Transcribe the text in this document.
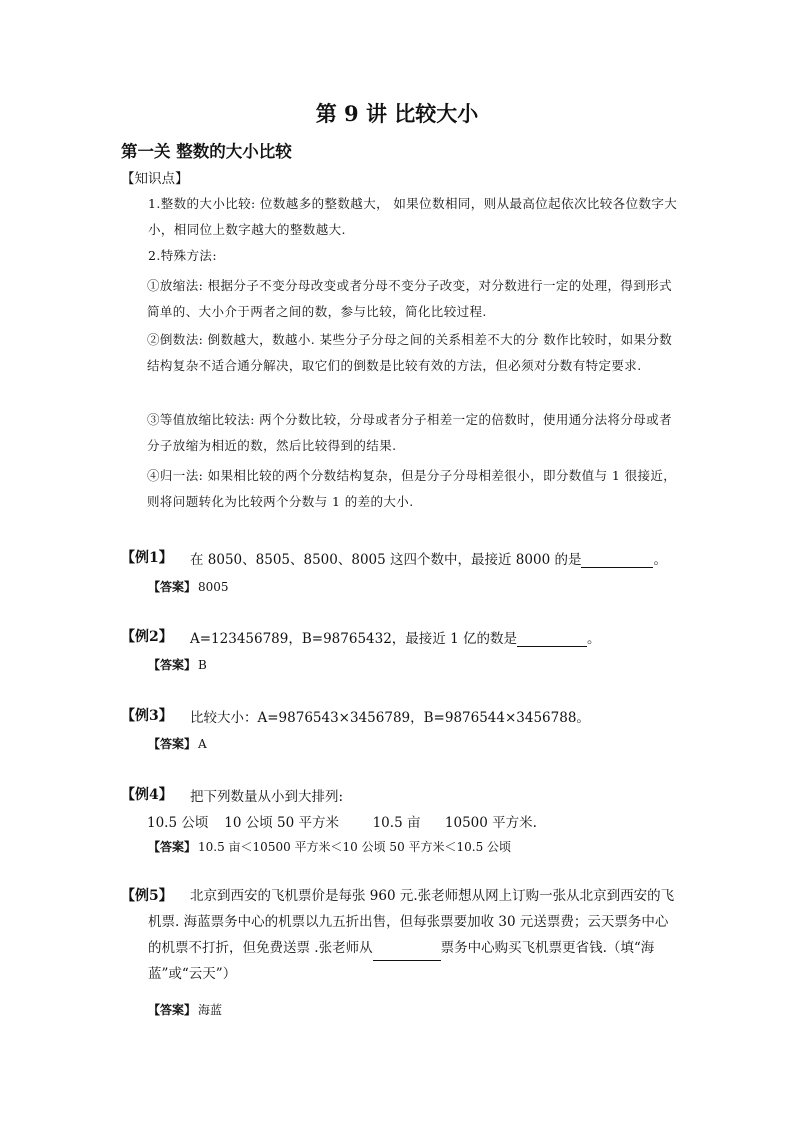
第 9 讲 比较大小
第一关 整数的大小比较
【知识点】
1.整数的大小比较: 位数越多的整数越大， 如果位数相同，则从最高位起依次比较各位数字大小，相同位上数字越大的整数越大.
2.特殊方法:
①放缩法: 根据分子不变分母改变或者分母不变分子改变，对分数进行一定的处理，得到形式简单的、大小介于两者之间的数，参与比较，简化比较过程.
②倒数法: 倒数越大，数越小. 某些分子分母之间的关系相差不大的分 数作比较时，如果分数结构复杂不适合通分解决，取它们的倒数是比较有效的方法，但必须对分数有特定要求.
③等值放缩比较法: 两个分数比较，分母或者分子相差一定的倍数时，使用通分法将分母或者分子放缩为相近的数，然后比较得到的结果.
④归一法: 如果相比较的两个分数结构复杂，但是分子分母相差很小，即分数值与 1 很接近，则将问题转化为比较两个分数与 1 的差的大小.
【例1】 在 8050、8505、8500、8005 这四个数中，最接近 8000 的是	。
【答案】 8005
【例2】 A=123456789，B=98765432，最接近 1 亿的数是	。
【答案】 B
【例3】 比较大小：A=9876543×3456789，B=9876544×3456788。
【答案】 A
【例4】 把下列数量从小到大排列:
10.5 公顷 10 公顷 50 平方米 10.5 亩 10500 平方米.
【答案】 10.5 亩＜10500 平方米＜10 公顷 50 平方米＜10.5 公顷
【例5】	北京到西安的飞机票价是每张 960 元.张老师想从网上订购一张从北京到西安的飞机票. 海蓝票务中心的机票以九五折出售，但每张票要加收 30 元送票费；云天票务中心的机票不打折，但免费送票 .张老师从	票务中心购买飞机票更省钱.（填“海蓝”或“云天”）
【答案】 海蓝
